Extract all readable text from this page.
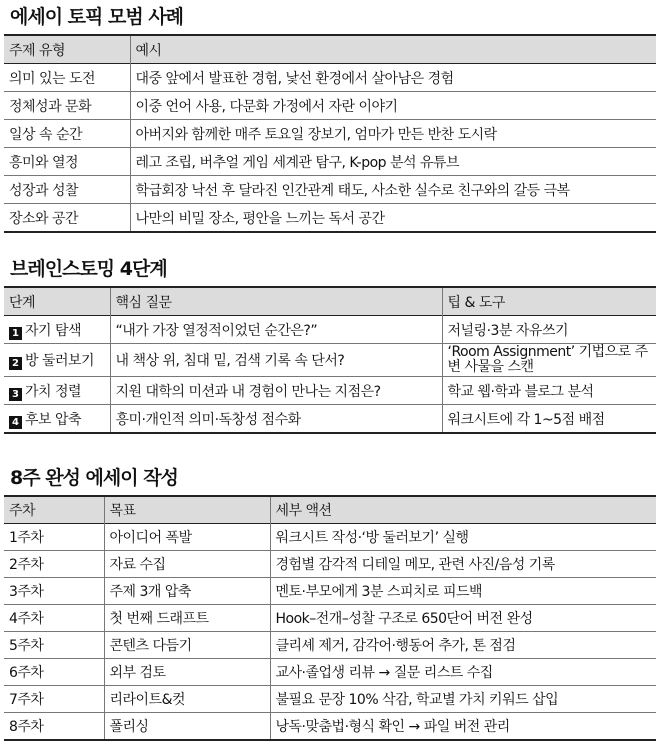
에세이 토픽 모범 사례
주제 유형	예시
의미 있는 도전	대중 앞에서 발표한 경험, 낯선 환경에서 살아남은 경험
정체성과 문화	이중 언어 사용, 다문화 가정에서 자란 이야기
일상 속 순간	아버지와 함께한 매주 토요일 장보기, 엄마가 만든 반찬 도시락
흥미와 열정	레고 조립, 버추얼 게임 세계관 탐구, K-pop 분석 유튜브
성장과 성찰	학급회장 낙선 후 달라진 인간관계 태도, 사소한 실수로 친구와의 갈등 극복
장소와 공간	나만의 비밀 장소, 평안을 느끼는 독서 공간
브레인스토밍 4단계
단계	핵심 질문	팁 & 도구
1 자기 탐색	“내가 가장 열정적이었던 순간은?”	저널링·3분 자유쓰기
2 방 둘러보기	내 책상 위, 침대 밑, 검색 기록 속 단서?	‘Room Assignment’ 기법으로 주변 사물을 스캔
3 가치 정렬	지원 대학의 미션과 내 경험이 만나는 지점은?	학교 웹·학과 블로그 분석
4 후보 압축	흥미·개인적 의미·독창성 점수화	워크시트에 각 1~5점 배점
8주 완성 에세이 작성
주차	목표	세부 액션
1주차	아이디어 폭발	워크시트 작성·‘방 둘러보기’ 실행
2주차	자료 수집	경험별 감각적 디테일 메모, 관련 사진/음성 기록
3주차	주제 3개 압축	멘토·부모에게 3분 스피치로 피드백
4주차	첫 번째 드래프트	Hook–전개–성찰 구조로 650단어 버전 완성
5주차	콘텐츠 다듬기	클리셰 제거, 감각어·행동어 추가, 톤 점검
6주차	외부 검토	교사·졸업생 리뷰 → 질문 리스트 수집
7주차	리라이트&컷	불필요 문장 10% 삭감, 학교별 가치 키워드 삽입
8주차	폴리싱	낭독·맞춤법·형식 확인 → 파일 버전 관리
